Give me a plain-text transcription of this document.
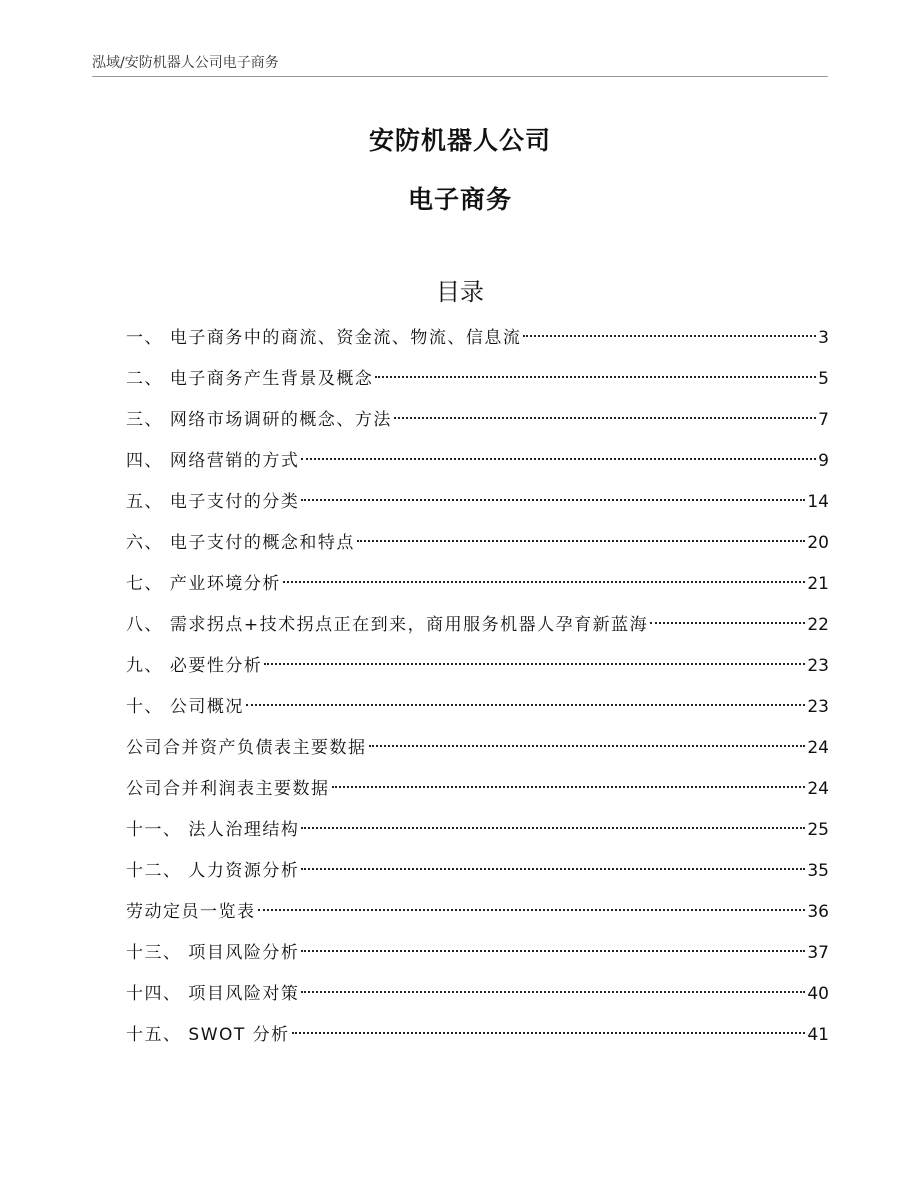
泓域/安防机器人公司电子商务
安防机器人公司
电子商务
目录
一、 电子商务中的商流、资金流、物流、信息流	3
二、 电子商务产生背景及概念	5
三、 网络市场调研的概念、方法	7
四、 网络营销的方式	9
五、 电子支付的分类	14
六、 电子支付的概念和特点	20
七、 产业环境分析	21
八、 需求拐点+技术拐点正在到来，商用服务机器人孕育新蓝海	22
九、 必要性分析	23
十、 公司概况	23
公司合并资产负债表主要数据	24
公司合并利润表主要数据	24
十一、 法人治理结构	25
十二、 人力资源分析	35
劳动定员一览表	36
十三、 项目风险分析	37
十四、 项目风险对策	40
十五、 SWOT 分析	41
